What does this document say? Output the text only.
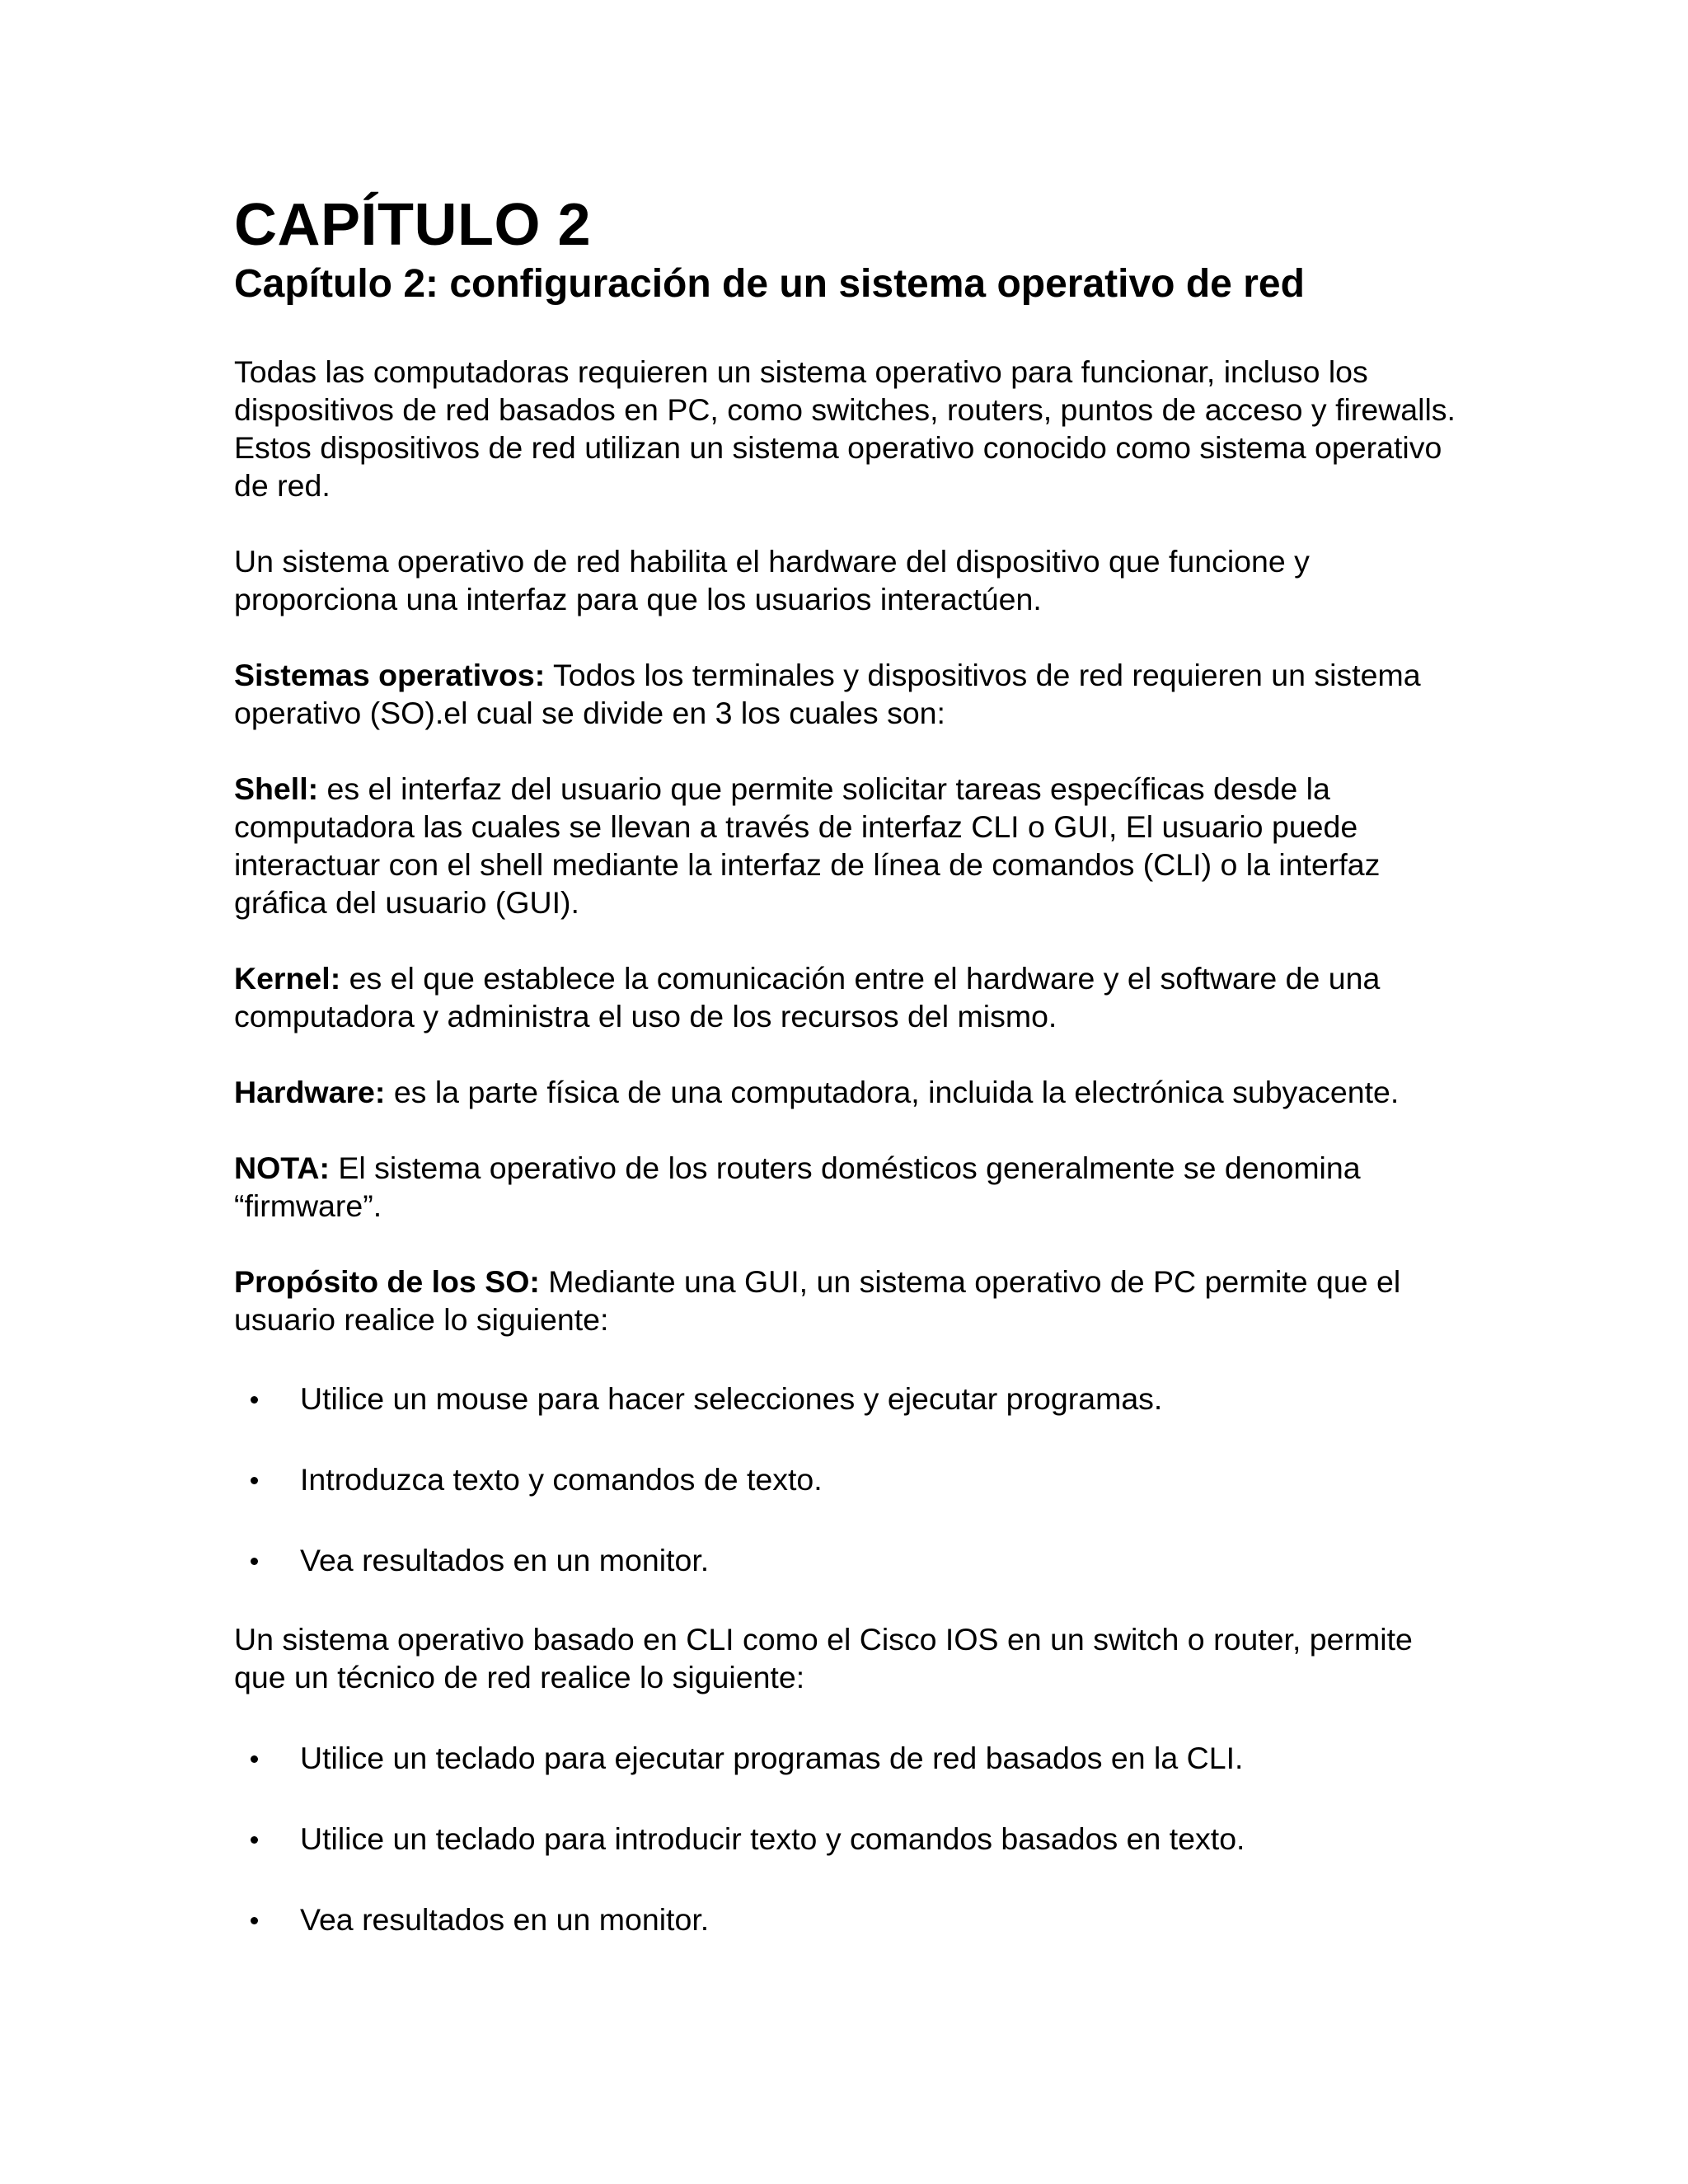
CAPÍTULO 2
Capítulo 2: configuración de un sistema operativo de red

Todas las computadoras requieren un sistema operativo para funcionar, incluso los dispositivos de red basados en PC, como switches, routers, puntos de acceso y firewalls. Estos dispositivos de red utilizan un sistema operativo conocido como sistema operativo de red.

Un sistema operativo de red habilita el hardware del dispositivo que funcione y proporciona una interfaz para que los usuarios interactúen.

Sistemas operativos: Todos los terminales y dispositivos de red requieren un sistema operativo (SO).el cual se divide en 3 los cuales son:

Shell: es el interfaz del usuario que permite solicitar tareas específicas desde la computadora las cuales se llevan a través de interfaz CLI o GUI, El usuario puede interactuar con el shell mediante la interfaz de línea de comandos (CLI) o la interfaz gráfica del usuario (GUI).

Kernel: es el que establece la comunicación entre el hardware y el software de una computadora y administra el uso de los recursos del mismo.

Hardware: es la parte física de una computadora, incluida la electrónica subyacente.

NOTA: El sistema operativo de los routers domésticos generalmente se denomina “firmware”.

Propósito de los SO: Mediante una GUI, un sistema operativo de PC permite que el usuario realice lo siguiente:

Utilice un mouse para hacer selecciones y ejecutar programas.
Introduzca texto y comandos de texto.
Vea resultados en un monitor.

Un sistema operativo basado en CLI como el Cisco IOS en un switch o router, permite que un técnico de red realice lo siguiente:

Utilice un teclado para ejecutar programas de red basados en la CLI.
Utilice un teclado para introducir texto y comandos basados en texto.
Vea resultados en un monitor.
